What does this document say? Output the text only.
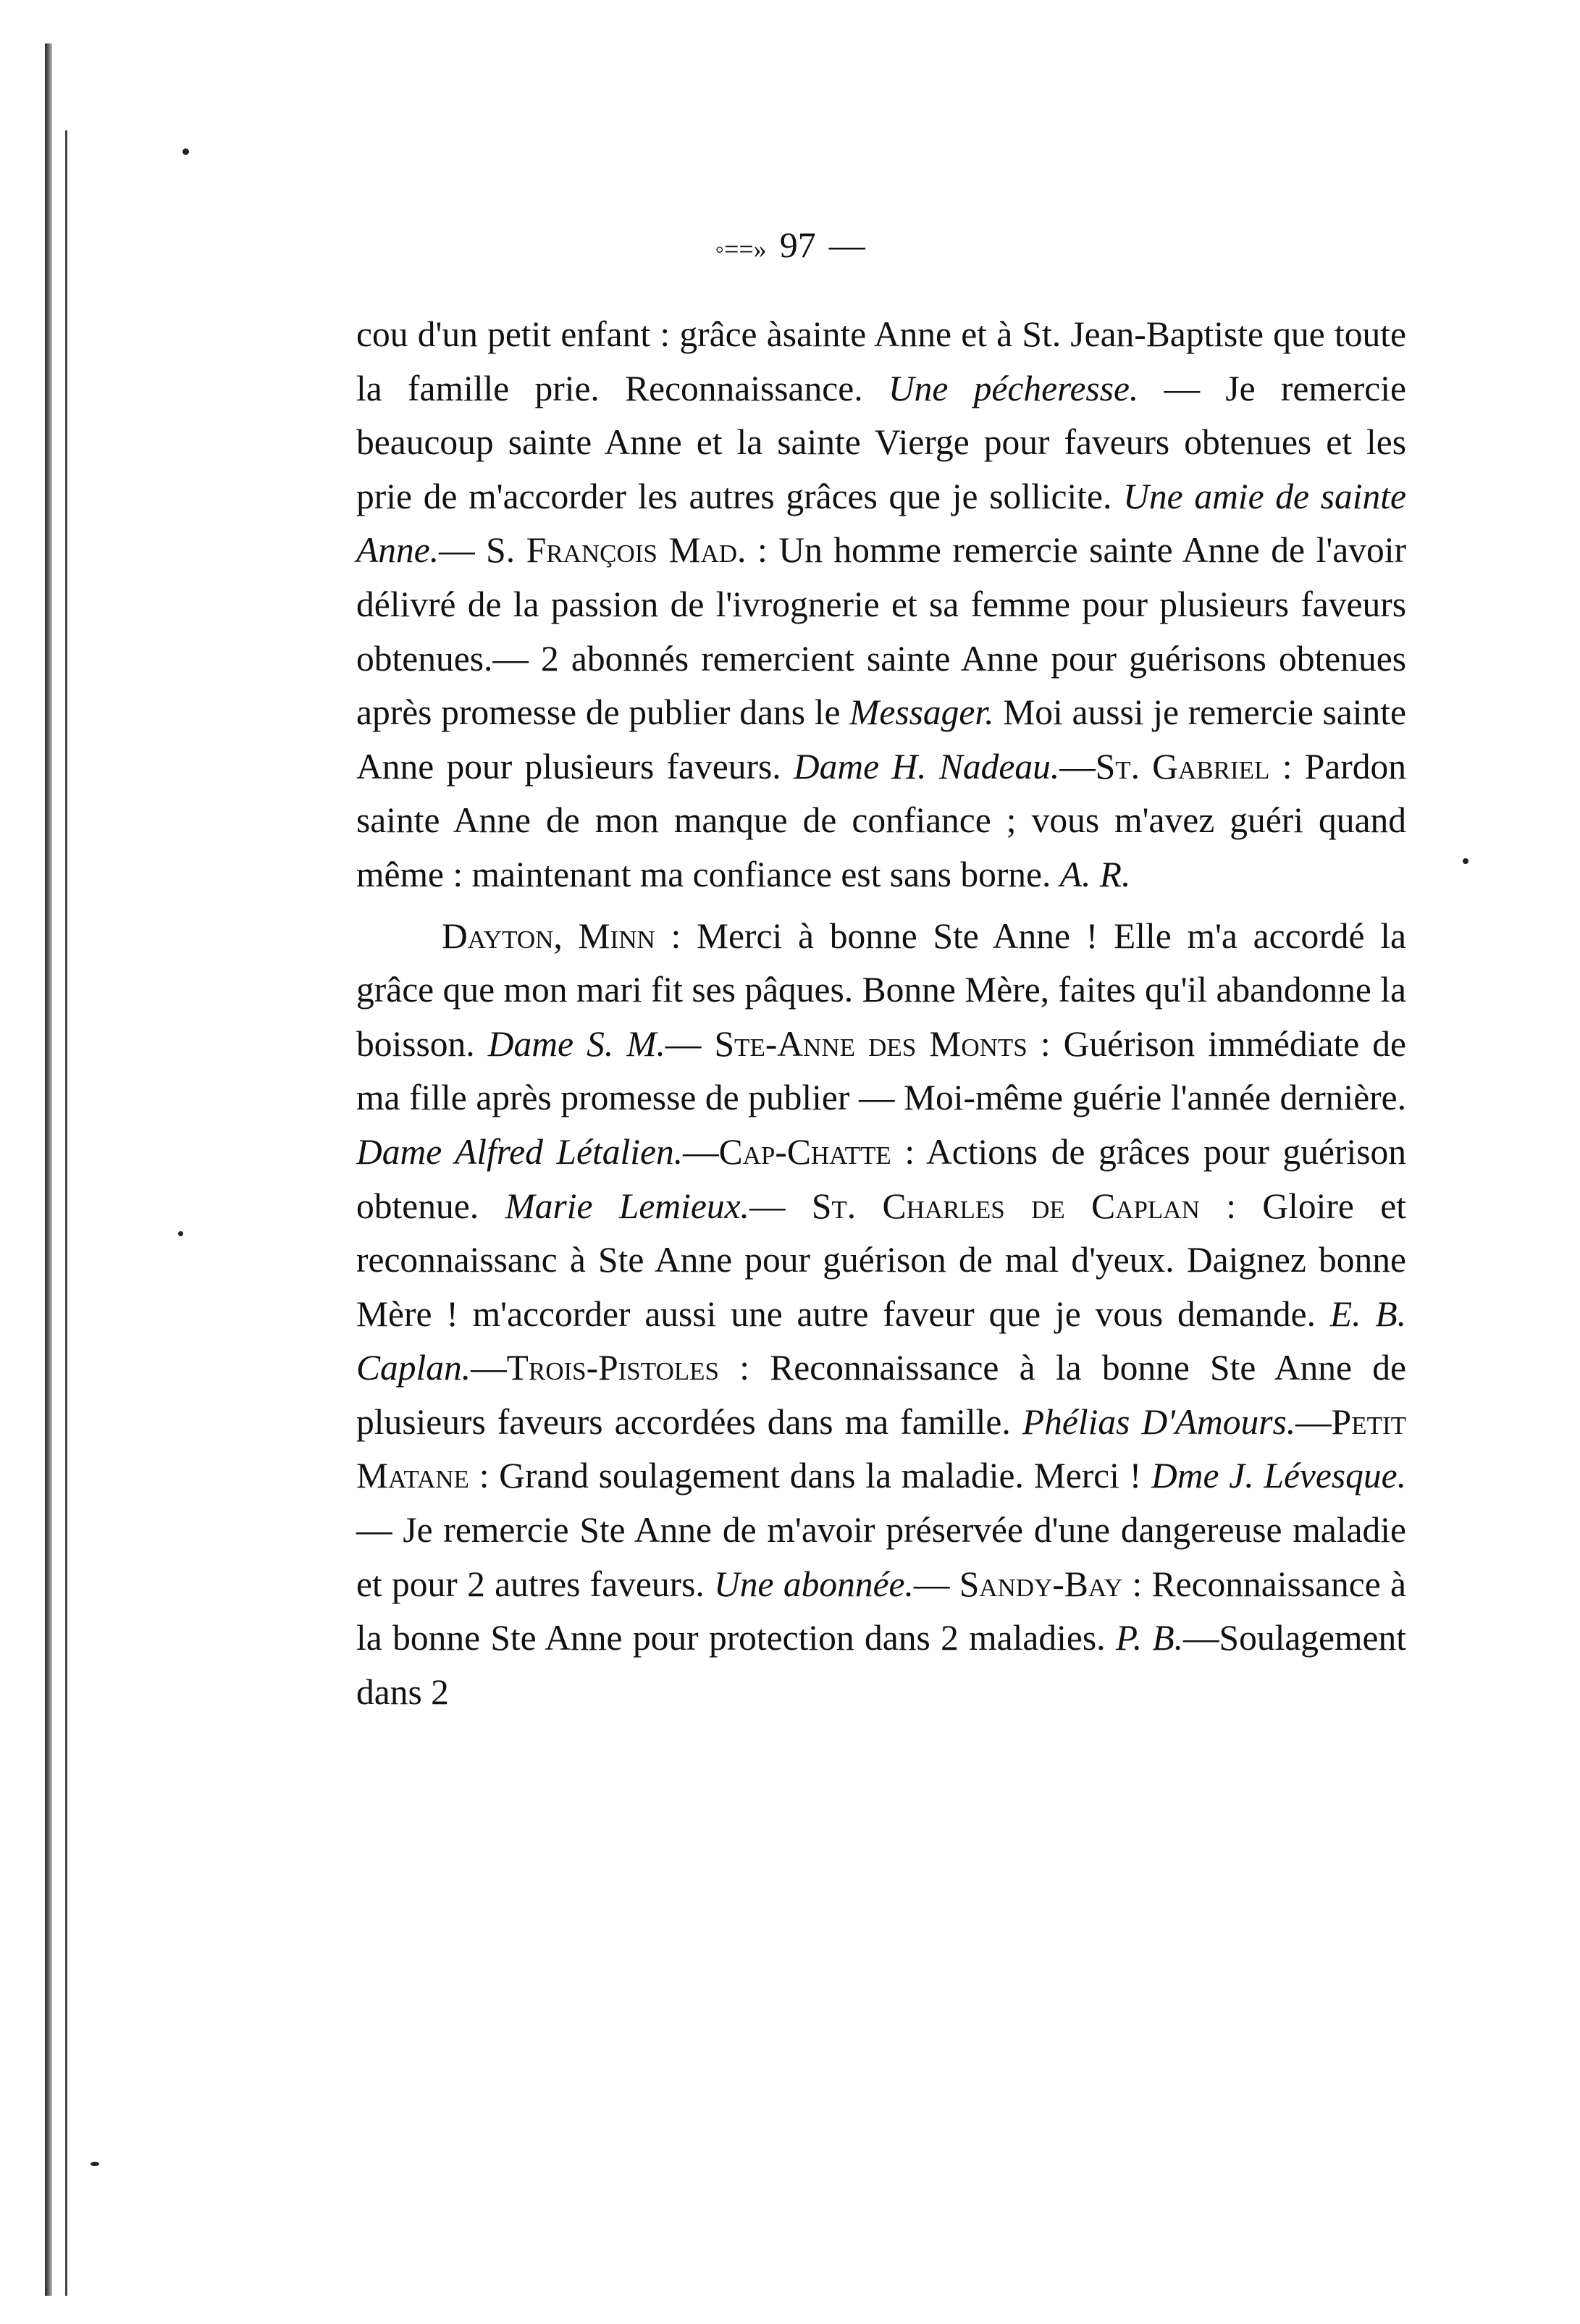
◦==» 97 —

cou d'un petit enfant : grâce àsainte Anne et à St. Jean-Baptiste que toute la famille prie. Reconnaissance. Une pécheresse. — Je remercie beaucoup sainte Anne et la sainte Vierge pour faveurs obtenues et les prie de m'accorder les autres grâces que je sollicite. Une amie de sainte Anne.— S. François Mad. : Un homme remercie sainte Anne de l'avoir délivré de la passion de l'ivrognerie et sa femme pour plusieurs faveurs obtenues.— 2 abonnés remercient sainte Anne pour guérisons obtenues après promesse de publier dans le Messager. Moi aussi je remercie sainte Anne pour plusieurs faveurs. Dame H. Nadeau.—St. Gabriel : Pardon sainte Anne de mon manque de confiance ; vous m'avez guéri quand même : maintenant ma confiance est sans borne. A. R.

Dayton, Minn : Merci à bonne Ste Anne ! Elle m'a accordé la grâce que mon mari fit ses pâques. Bonne Mère, faites qu'il abandonne la boisson. Dame S. M.— Ste-Anne des Monts : Guérison immédiate de ma fille après promesse de publier — Moi-même guérie l'année dernière. Dame Alfred Létalien.—Cap-Chatte : Actions de grâces pour guérison obtenue. Marie Lemieux.— St. Charles de Caplan : Gloire et reconnaissanc à Ste Anne pour guérison de mal d'yeux. Daignez bonne Mère ! m'accorder aussi une autre faveur que je vous demande. E. B. Caplan.—Trois-Pistoles : Reconnaissance à la bonne Ste Anne de plusieurs faveurs accordées dans ma famille. Phélias D'Amours.—Petit Matane : Grand soulagement dans la maladie. Merci ! Dme J. Lévesque.— Je remercie Ste Anne de m'avoir préservée d'une dangereuse maladie et pour 2 autres faveurs. Une abonnée.— Sandy-Bay : Reconnaissance à la bonne Ste Anne pour protection dans 2 maladies. P. B.—Soulagement dans 2
